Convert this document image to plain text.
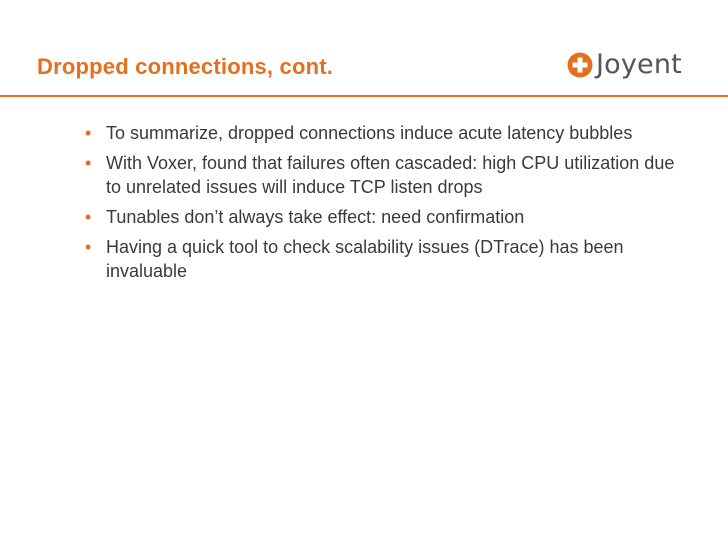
Dropped connections, cont.	Joyent
• To summarize, dropped connections induce acute latency bubbles
• With Voxer, found that failures often cascaded: high CPU utilization due to unrelated issues will induce TCP listen drops
• Tunables don’t always take effect: need confirmation
• Having a quick tool to check scalability issues (DTrace) has been invaluable
